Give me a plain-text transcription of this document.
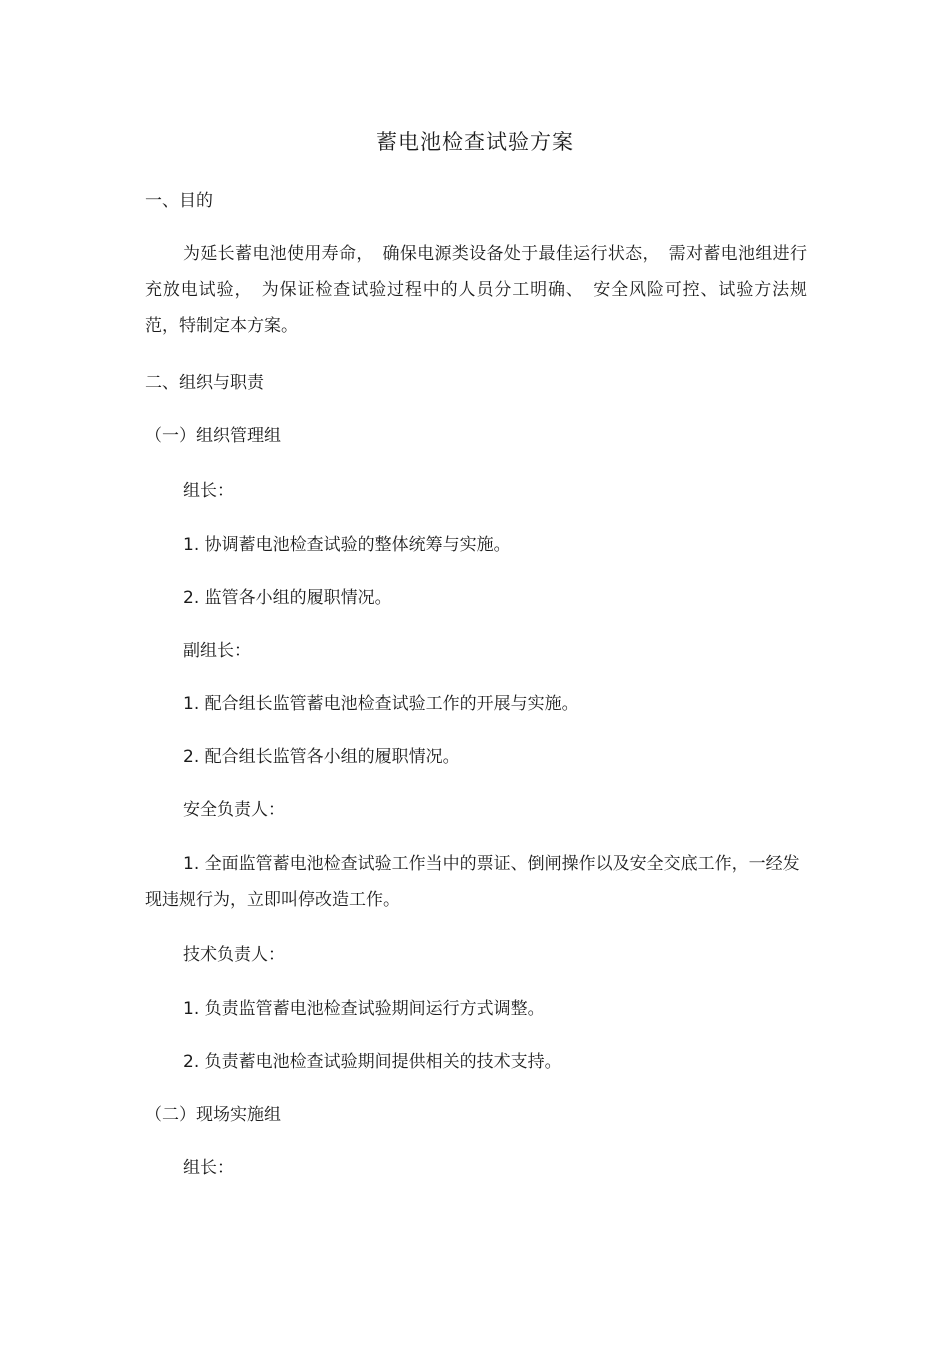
蓄电池检查试验方案
一、目的
为延长蓄电池使用寿命，　确保电源类设备处于最佳运行状态，　需对蓄电池组进行充放电试验，　为保证检查试验过程中的人员分工明确、　安全风险可控、试验方法规范，特制定本方案。
二、组织与职责
（一）组织管理组
组长：
1. 协调蓄电池检查试验的整体统筹与实施。
2. 监管各小组的履职情况。
副组长：
1. 配合组长监管蓄电池检查试验工作的开展与实施。
2. 配合组长监管各小组的履职情况。
安全负责人：
1. 全面监管蓄电池检查试验工作当中的票证、倒闸操作以及安全交底工作，一经发现违规行为，立即叫停改造工作。
技术负责人：
1. 负责监管蓄电池检查试验期间运行方式调整。
2. 负责蓄电池检查试验期间提供相关的技术支持。
（二）现场实施组
组长：
